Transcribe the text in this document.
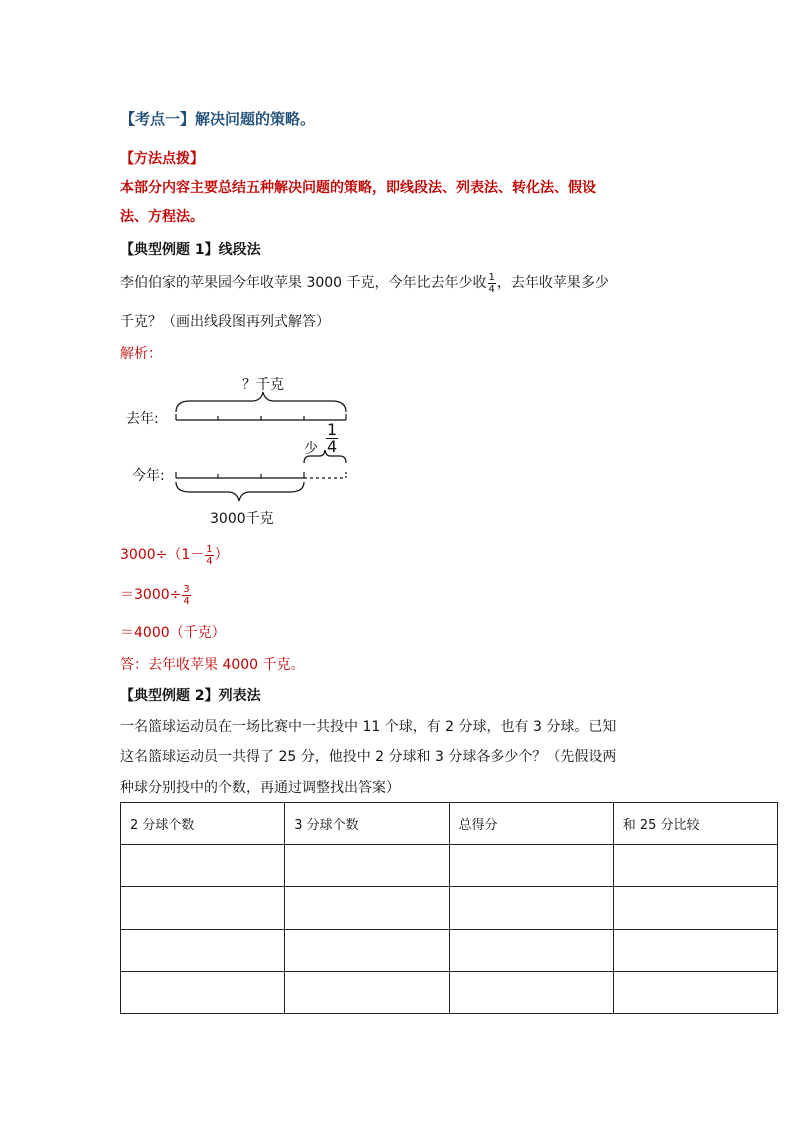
【考点一】解决问题的策略。
【方法点拨】
本部分内容主要总结五种解决问题的策略，即线段法、列表法、转化法、假设
法、方程法。
【典型例题 1】线段法
李伯伯家的苹果园今年收苹果 3000 千克，今年比去年少收 $\frac{1}{4}$ ，去年收苹果多少
千克？（画出线段图再列式解答）
解析：
？千克
去年:
今年:
少 $\frac{1}{4}$
3000千克
$3000\div(1- \frac{1}{4}$ ）
$=3000\div \frac{3}{4}$
＝4000（千克）
答：去年收苹果 4000 千克。
【典型例题 2】列表法
一名篮球运动员在一场比赛中一共投中 11 个球，有 2 分球，也有 3 分球。已知
这名篮球运动员一共得了 25 分，他投中 2 分球和 3 分球各多少个？（先假设两
种球分别投中的个数，再通过调整找出答案）
2 分球个数	3 分球个数	总得分	和 25 分比较
